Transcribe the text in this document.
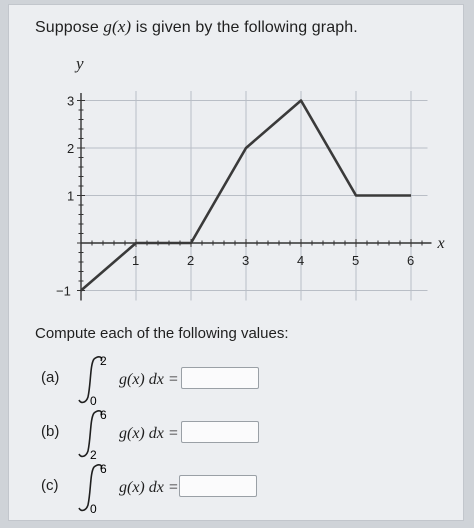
Suppose g(x) is given by the following graph.
1	2	3	4	5	6
3
2
1
−1
x
y
Compute each of the following values:
(a)
2
0
g(x) dx =
(b)
6
2
g(x) dx =
(c)
6
0
g(x) dx =
